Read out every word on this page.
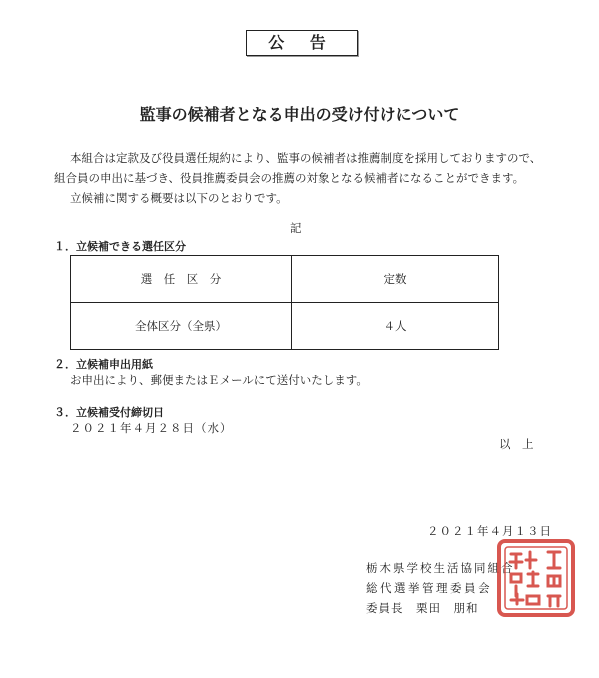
公 告
監事の候補者となる申出の受け付けについて
本組合は定款及び役員選任規約により、監事の候補者は推薦制度を採用しておりますので、
組合員の申出に基づき、役員推薦委員会の推薦の対象となる候補者になることができます。
立候補に関する概要は以下のとおりです。
記
１．立候補できる選任区分
選　任　区　分	定数
全体区分（全県）	４人
２．立候補申出用紙
お申出により、郵便またはＥメールにて送付いたします。
３．立候補受付締切日
２０２１年４月２８日（水）
以　上
２０２１年４月１３日
栃木県学校生活協同組合
総代選挙管理委員会
委員長　栗田　朋和
